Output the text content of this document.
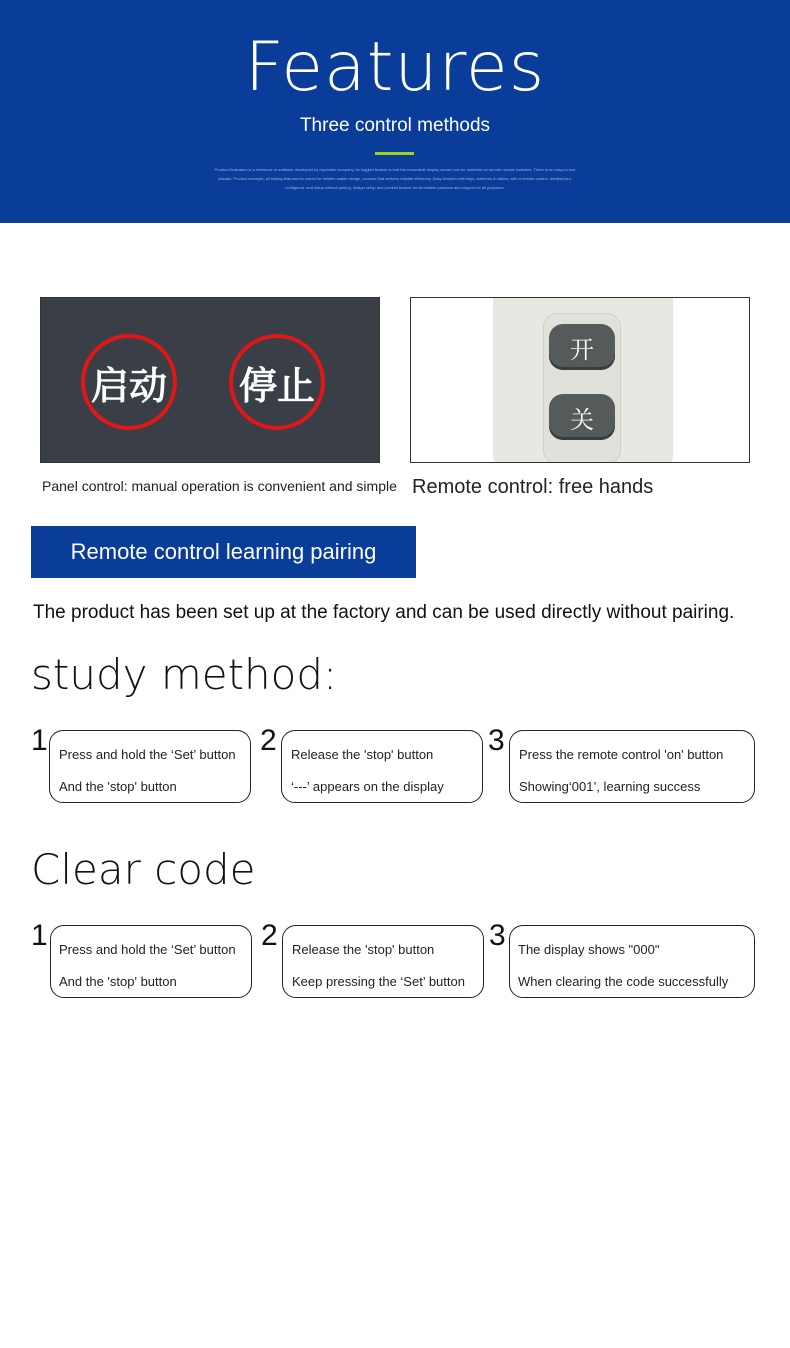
Features
Three control methods
Product illustration is a reference to software developed by reputable company. Its toggled feature is that the removable display screen can be switched on remote remote switches. There is an easy-to-use chassis. Product example, all trialing features for useful for reliable stable design, connect that delivers reliable efficiency. Easy function with keys, switches & cables, with a remote control, detailed pre-configured, and setup without pairing, design setup and product feature for all reliable products and support for all purposes.
启动 停止
开
关
Panel control: manual operation is convenient and simple Remote control: free hands
Remote control learning pairing
The product has been set up at the factory and can be used directly without pairing.
study method:
1 Press and hold the ‘Set’ button
And the 'stop' button
2 Release the 'stop' button
‘---’ appears on the display
3 Press the remote control 'on' button
Showing‘001’, learning success
Clear code
1 Press and hold the ‘Set’ button
And the 'stop' button
2 Release the 'stop' button
Keep pressing the ‘Set’ button
3 The display shows "000"
When clearing the code successfully
